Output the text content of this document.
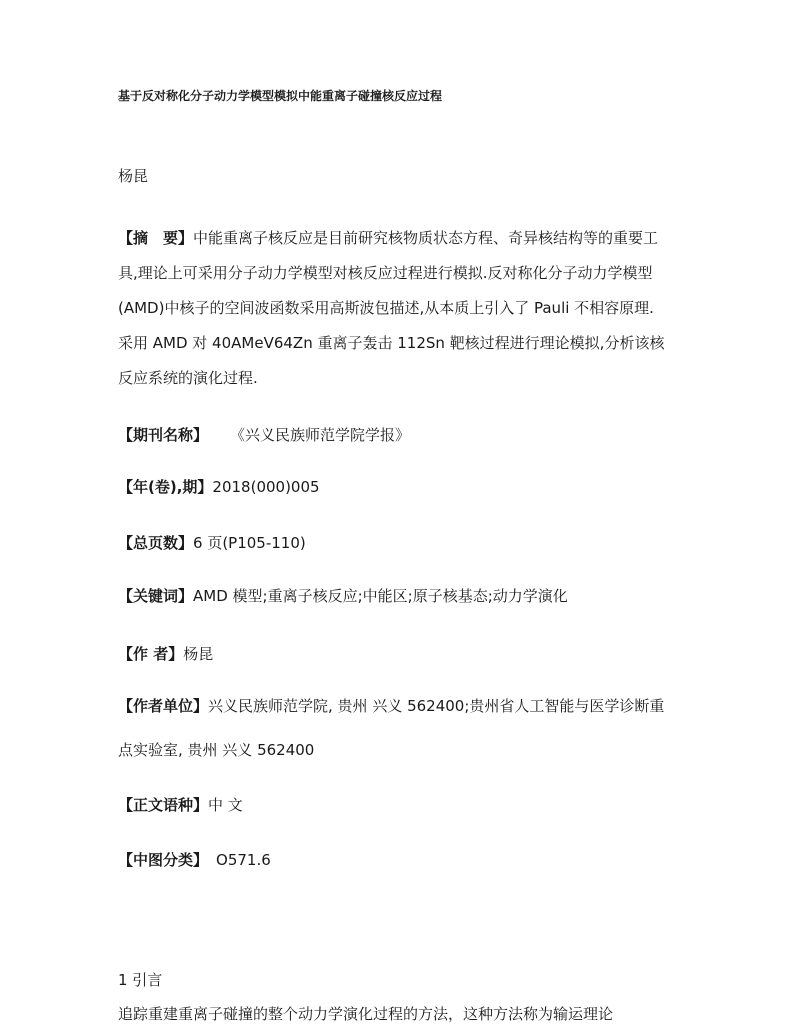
基于反对称化分子动力学模型模拟中能重离子碰撞核反应过程
杨昆
【摘　要】中能重离子核反应是目前研究核物质状态方程、奇异核结构等的重要工
具,理论上可采用分子动力学模型对核反应过程进行模拟.反对称化分子动力学模型
(AMD)中核子的空间波函数采用高斯波包描述,从本质上引入了 Pauli 不相容原理.
采用 AMD 对 40AMeV64Zn 重离子轰击 112Sn 靶核过程进行理论模拟,分析该核
反应系统的演化过程.
【期刊名称】 《兴义民族师范学院学报》
【年(卷),期】2018(000)005
【总页数】6 页(P105-110)
【关键词】AMD 模型;重离子核反应;中能区;原子核基态;动力学演化
【作 者】杨昆
【作者单位】兴义民族师范学院, 贵州 兴义 562400;贵州省人工智能与医学诊断重
点实验室, 贵州 兴义 562400
【正文语种】中 文
【中图分类】 O571.6
1 引言
追踪重建重离子碰撞的整个动力学演化过程的方法，这种方法称为输运理论
